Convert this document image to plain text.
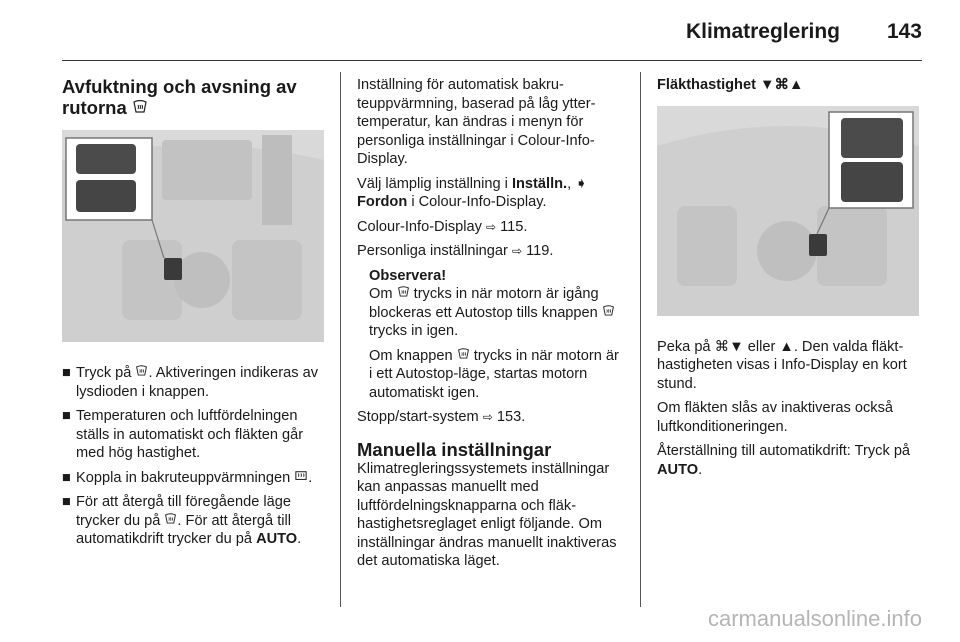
Klimatreglering 143
Avfuktning och avsning av rutorna
■ Tryck på . Aktiveringen indikeras av lysdioden i knappen.
■ Temperaturen och luftfördelningen ställs in automatiskt och fläkten går med hög hastighet.
■ Koppla in bakruteuppvärmningen .
■ För att återgå till föregående läge trycker du på . För att återgå till automatikdrift trycker du på AUTO.

Inställning för automatisk bakruteuppvärmning, baserad på låg yttertemperatur, kan ändras i menyn för personliga inställningar i Colour-Info-Display.

Välj lämplig inställning i Inställn., ➧ Fordon i Colour-Info-Display.

Colour-Info-Display ⇨ 115.

Personliga inställningar ⇨ 119.

Observera!

Om trycks in när motorn är igång blockeras ett Autostop tills knappen  trycks in igen.

Om knappen trycks in när motorn är i ett Autostop-läge, startas motorn automatiskt igen.

Stopp/start-system ⇨ 153.

Manuella inställningar

Klimatregleringssystemets inställningar kan anpassas manuellt med luftfördelningsknapparna och fläkhastighetsreglaget enligt följande. Om inställningar ändras manuellt inaktiveras det automatiska läget.

Fläkthastighet ▼⌘▲

Peka på ⌘▼ eller ▲. Den valda fläkthastigheten visas i Info-Display en kort stund.

Om fläkten slås av inaktiveras också luftkonditioneringen.

Återställning till automatikdrift: Tryck på AUTO.

carmanualsonline.info
